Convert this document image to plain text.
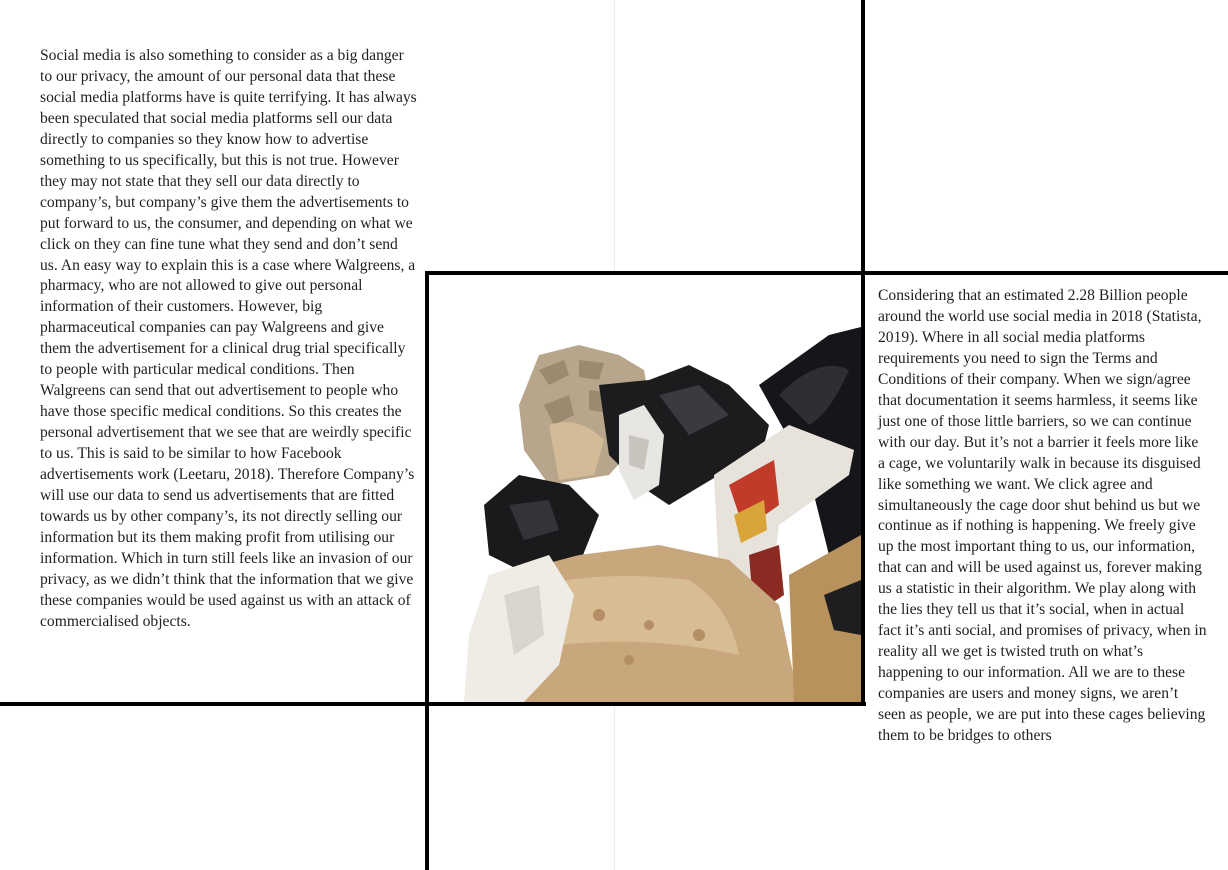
Social media is also something to consider as a big danger to our privacy, the amount of our personal data that these social media platforms have is quite terrifying. It has always been speculated that social media platforms sell our data directly to companies so they know how to advertise something to us specifically, but this is not true. However they may not state that they sell our data directly to company’s, but company’s give them the advertisements to put forward to us, the consumer, and depending on what we click on they can fine tune what they send and don’t send us. An easy way to explain this is a case where Walgreens, a pharmacy, who are not allowed to give out personal information of their customers. However, big pharmaceutical companies can pay Walgreens and give them the advertisement for a clinical drug trial specifically to people with particular medical conditions. Then Walgreens can send that out advertisement to people who have those specific medical conditions. So this creates the personal advertisement that we see that are weirdly specific to us. This is said to be similar to how Facebook advertisements work (Leetaru, 2018). Therefore Company’s will use our data to send us advertisements that are fitted towards us by other company’s, its not directly selling our information but its them making profit from utilising our information. Which in turn still feels like an invasion of our privacy, as we didn’t think that the information that we give these companies would be used against us with an attack of commercialised objects.

Considering that an estimated 2.28 Billion people around the world use social media in 2018 (Statista, 2019). Where in all social media platforms requirements you need to sign the Terms and Conditions of their company. When we sign/agree that documentation it seems harmless, it seems like just one of those little barriers, so we can continue with our day. But it’s not a barrier it feels more like a cage, we voluntarily walk in because its disguised like something we want. We click agree and simultaneously the cage door shut behind us but we continue as if nothing is happening. We freely give up the most important thing to us, our information, that can and will be used against us, forever making us a statistic in their algorithm. We play along with the lies they tell us that it’s social, when in actual fact it’s anti social, and promises of privacy, when in reality all we get is twisted truth on what’s happening to our information. All we are to these companies are users and money signs, we aren’t seen as people, we are put into these cages believing them to be bridges to others
